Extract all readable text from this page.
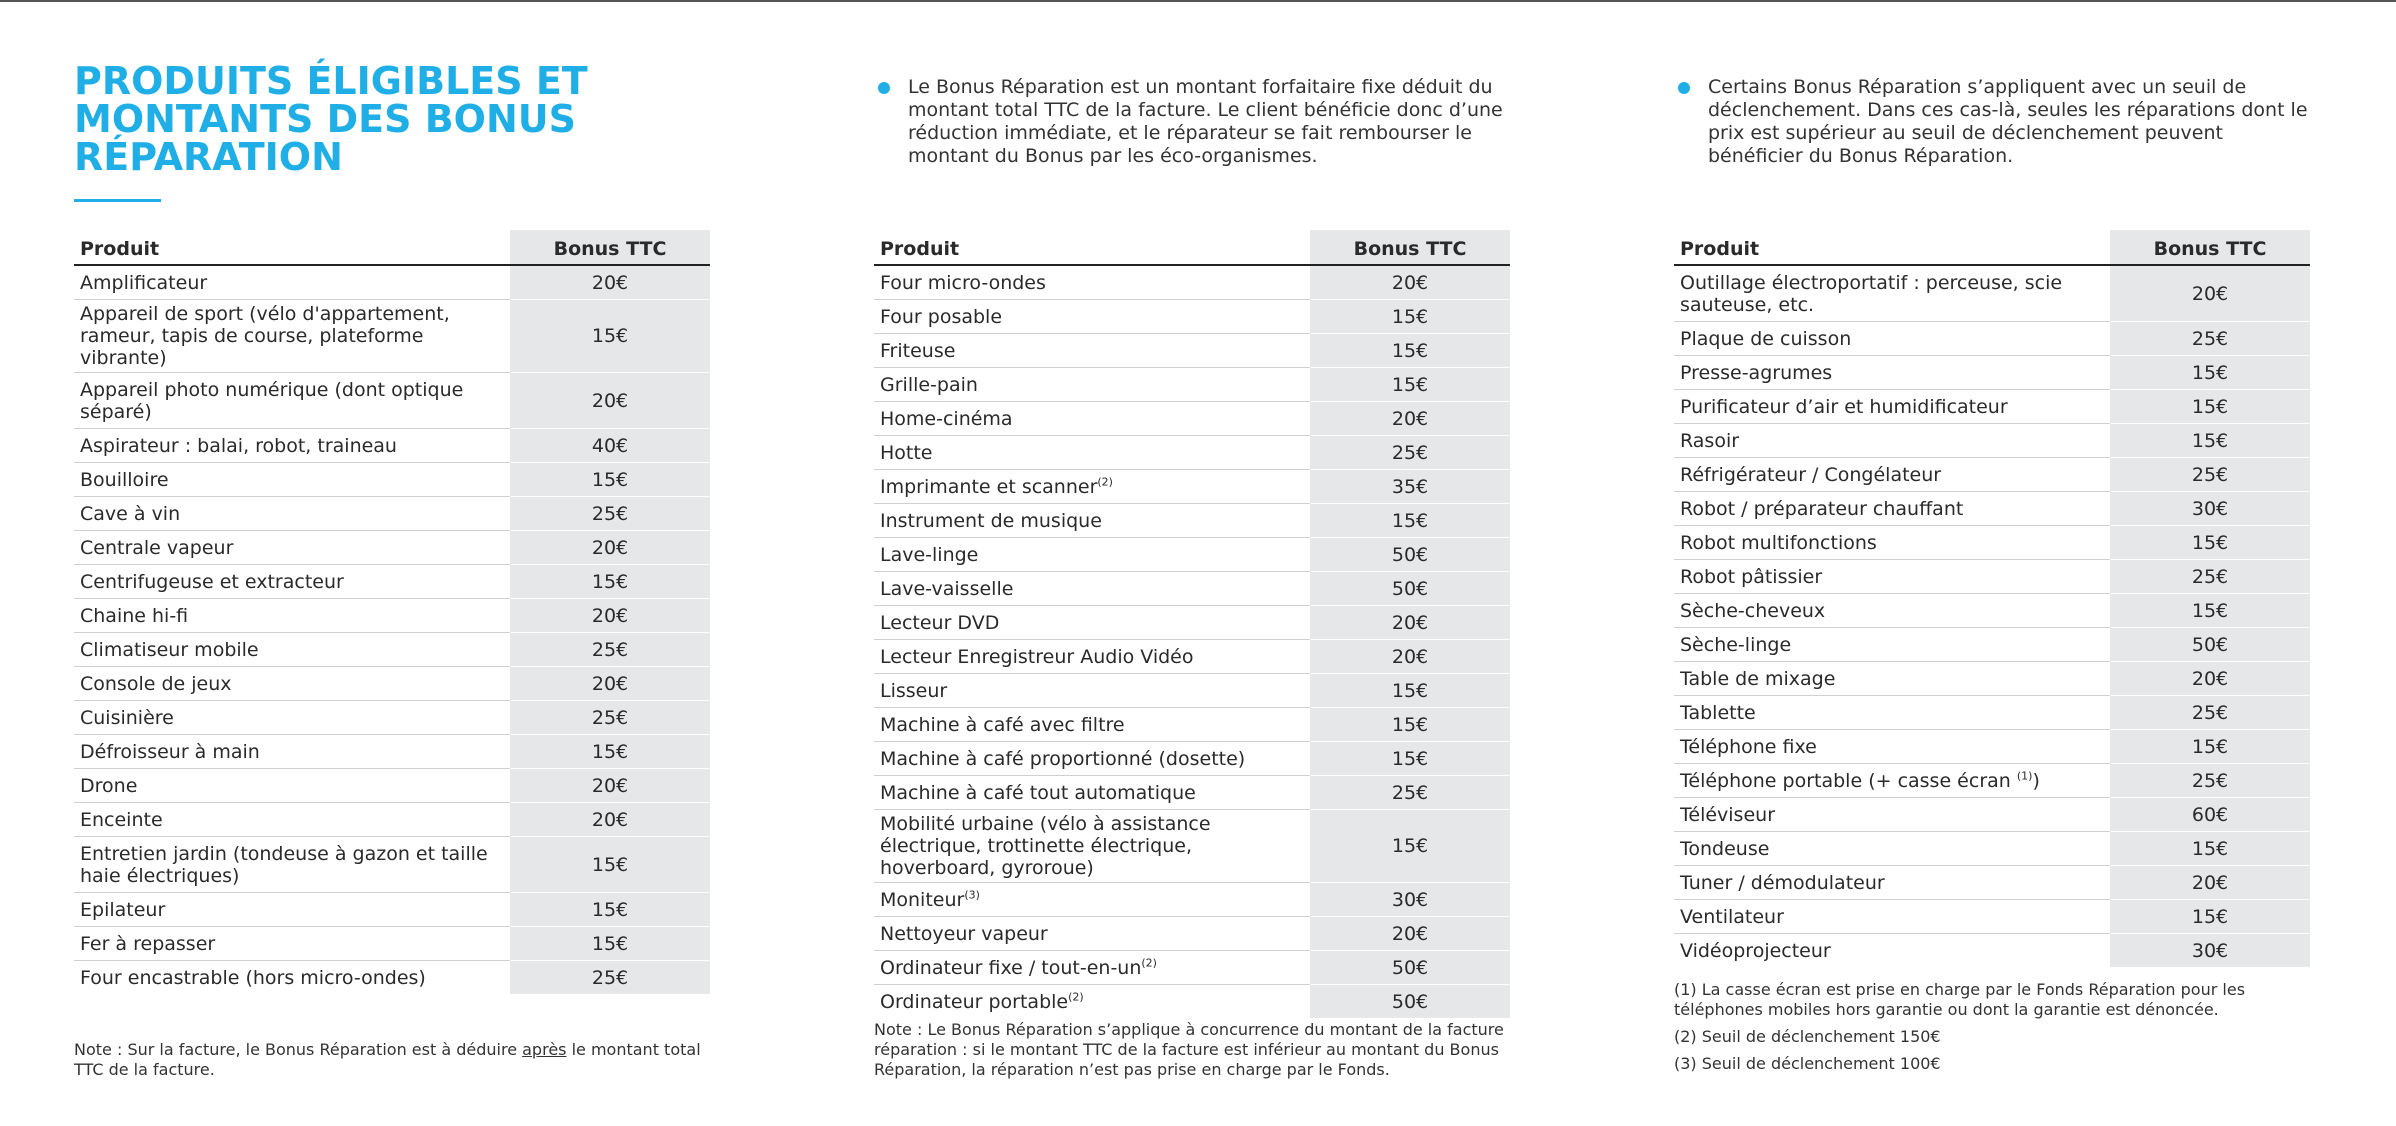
PRODUITS ÉLIGIBLES ET
MONTANTS DES BONUS
RÉPARATION
Produit	Bonus TTC
Amplificateur	20€
Appareil de sport (vélo d'appartement, rameur, tapis de course, plateforme vibrante)	15€
Appareil photo numérique (dont optique séparé)	20€
Aspirateur : balai, robot, traineau	40€
Bouilloire	15€
Cave à vin	25€
Centrale vapeur	20€
Centrifugeuse et extracteur	15€
Chaine hi-fi	20€
Climatiseur mobile	25€
Console de jeux	20€
Cuisinière	25€
Défroisseur à main	15€
Drone	20€
Enceinte	20€
Entretien jardin (tondeuse à gazon et taille haie électriques)	15€
Epilateur	15€
Fer à repasser	15€
Four encastrable (hors micro-ondes)	25€
Note : Sur la facture, le Bonus Réparation est à déduire après le montant total TTC de la facture.
Le Bonus Réparation est un montant forfaitaire fixe déduit du montant total TTC de la facture. Le client bénéficie donc d’une réduction immédiate, et le réparateur se fait rembourser le montant du Bonus par les éco-organismes.
Produit	Bonus TTC
Four micro-ondes	20€
Four posable	15€
Friteuse	15€
Grille-pain	15€
Home-cinéma	20€
Hotte	25€
Imprimante et scanner$^{(2)}$	35€
Instrument de musique	15€
Lave-linge	50€
Lave-vaisselle	50€
Lecteur DVD	20€
Lecteur Enregistreur Audio Vidéo	20€
Lisseur	15€
Machine à café avec filtre	15€
Machine à café proportionné (dosette)	15€
Machine à café tout automatique	25€
Mobilité urbaine (vélo à assistance électrique, trottinette électrique, hoverboard, gyroroue)	15€
Moniteur$^{(3)}$	30€
Nettoyeur vapeur	20€
Ordinateur fixe / tout-en-un$^{(2)}$	50€
Ordinateur portable$^{(2)}$	50€
Note : Le Bonus Réparation s’applique à concurrence du montant de la facture réparation : si le montant TTC de la facture est inférieur au montant du Bonus Réparation, la réparation n’est pas prise en charge par le Fonds.
Certains Bonus Réparation s’appliquent avec un seuil de déclenchement. Dans ces cas-là, seules les réparations dont le prix est supérieur au seuil de déclenchement peuvent bénéficier du Bonus Réparation.
Produit	Bonus TTC
Outillage électroportatif : perceuse, scie sauteuse, etc.	20€
Plaque de cuisson	25€
Presse-agrumes	15€
Purificateur d’air et humidificateur	15€
Rasoir	15€
Réfrigérateur / Congélateur	25€
Robot / préparateur chauffant	30€
Robot multifonctions	15€
Robot pâtissier	25€
Sèche-cheveux	15€
Sèche-linge	50€
Table de mixage	20€
Tablette	25€
Téléphone fixe	15€
Téléphone portable (+ casse écran $^{(1)}$)	25€
Téléviseur	60€
Tondeuse	15€
Tuner / démodulateur	20€
Ventilateur	15€
Vidéoprojecteur	30€

(1) La casse écran est prise en charge par le Fonds Réparation pour les téléphones mobiles hors garantie ou dont la garantie est dénoncée.

(2) Seuil de déclenchement 150€

(3) Seuil de déclenchement 100€
